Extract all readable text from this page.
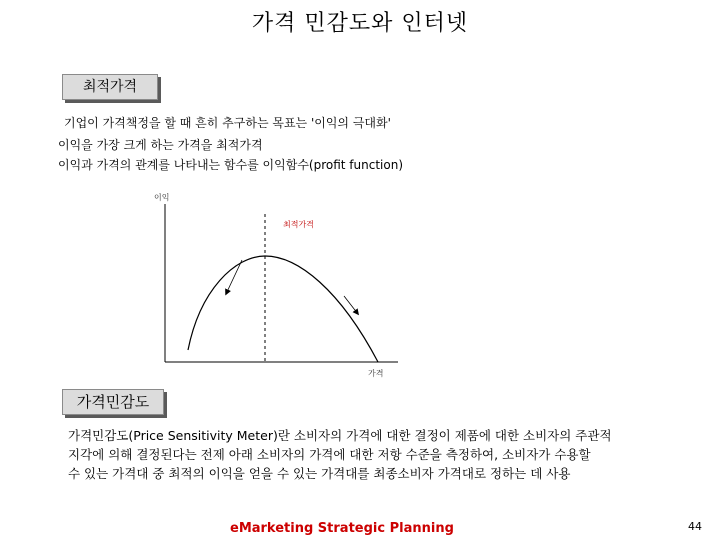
가격 민감도와 인터넷
최적가격
기업이 가격책정을 할 때 흔히 추구하는 목표는 '이익의 극대화'
이익을 가장 크게 하는 가격을 최적가격
이익과 가격의 관계를 나타내는 함수를 이익함수(profit function)
이익
가격
최적가격
가격민감도
가격민감도(Price Sensitivity Meter)란 소비자의 가격에 대한 결정이 제품에 대한 소비자의 주관적
지각에 의해 결정된다는 전제 아래 소비자의 가격에 대한 저항 수준을 측정하여, 소비자가 수용할
수 있는 가격대 중 최적의 이익을 얻을 수 있는 가격대를 최종소비자 가격대로 정하는 데 사용
eMarketing Strategic Planning	44
